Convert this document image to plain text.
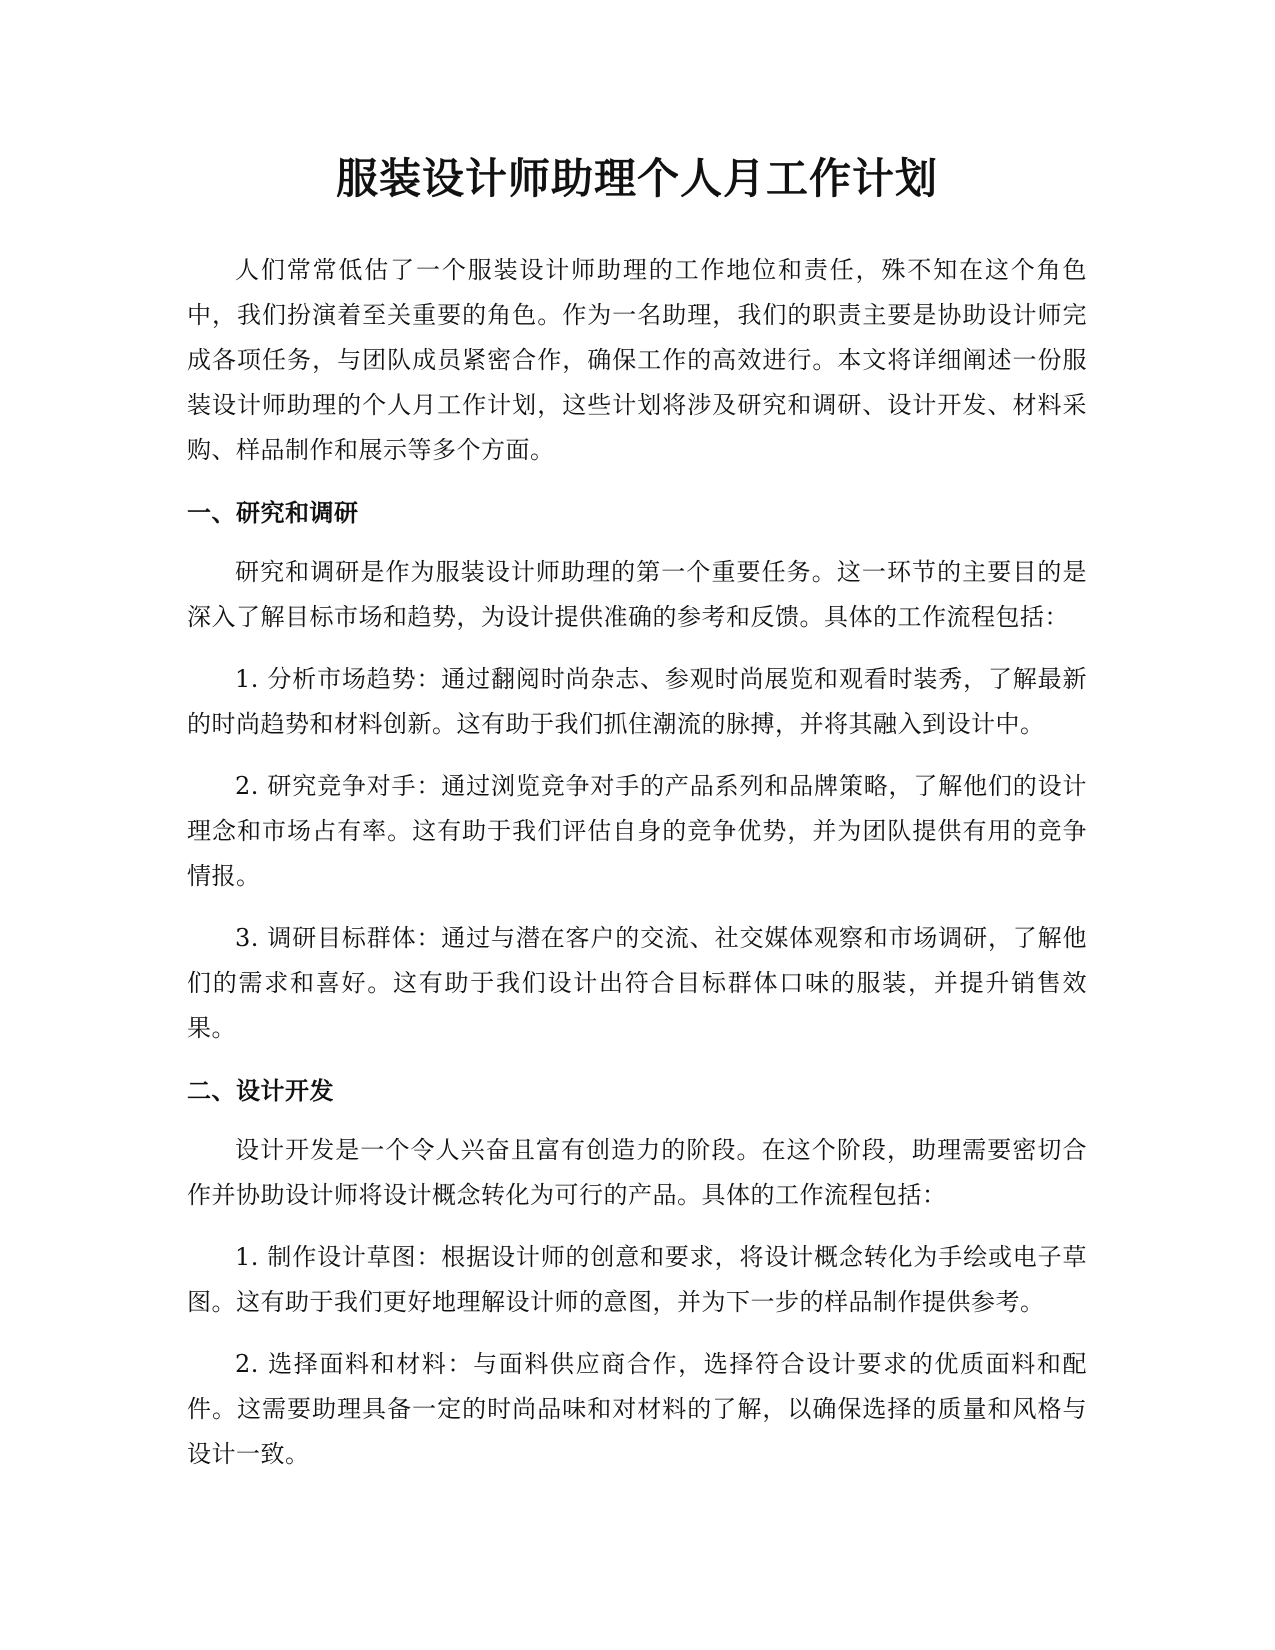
服装设计师助理个人月工作计划

人们常常低估了一个服装设计师助理的工作地位和责任，殊不知在这个角色中，我们扮演着至关重要的角色。作为一名助理，我们的职责主要是协助设计师完成各项任务，与团队成员紧密合作，确保工作的高效进行。本文将详细阐述一份服装设计师助理的个人月工作计划，这些计划将涉及研究和调研、设计开发、材料采购、样品制作和展示等多个方面。

一、研究和调研

研究和调研是作为服装设计师助理的第一个重要任务。这一环节的主要目的是深入了解目标市场和趋势，为设计提供准确的参考和反馈。具体的工作流程包括：

1. 分析市场趋势：通过翻阅时尚杂志、参观时尚展览和观看时装秀，了解最新的时尚趋势和材料创新。这有助于我们抓住潮流的脉搏，并将其融入到设计中。

2. 研究竞争对手：通过浏览竞争对手的产品系列和品牌策略，了解他们的设计理念和市场占有率。这有助于我们评估自身的竞争优势，并为团队提供有用的竞争情报。

3. 调研目标群体：通过与潜在客户的交流、社交媒体观察和市场调研，了解他们的需求和喜好。这有助于我们设计出符合目标群体口味的服装，并提升销售效果。

二、设计开发

设计开发是一个令人兴奋且富有创造力的阶段。在这个阶段，助理需要密切合作并协助设计师将设计概念转化为可行的产品。具体的工作流程包括：

1. 制作设计草图：根据设计师的创意和要求，将设计概念转化为手绘或电子草图。这有助于我们更好地理解设计师的意图，并为下一步的样品制作提供参考。

2. 选择面料和材料：与面料供应商合作，选择符合设计要求的优质面料和配件。这需要助理具备一定的时尚品味和对材料的了解，以确保选择的质量和风格与设计一致。
